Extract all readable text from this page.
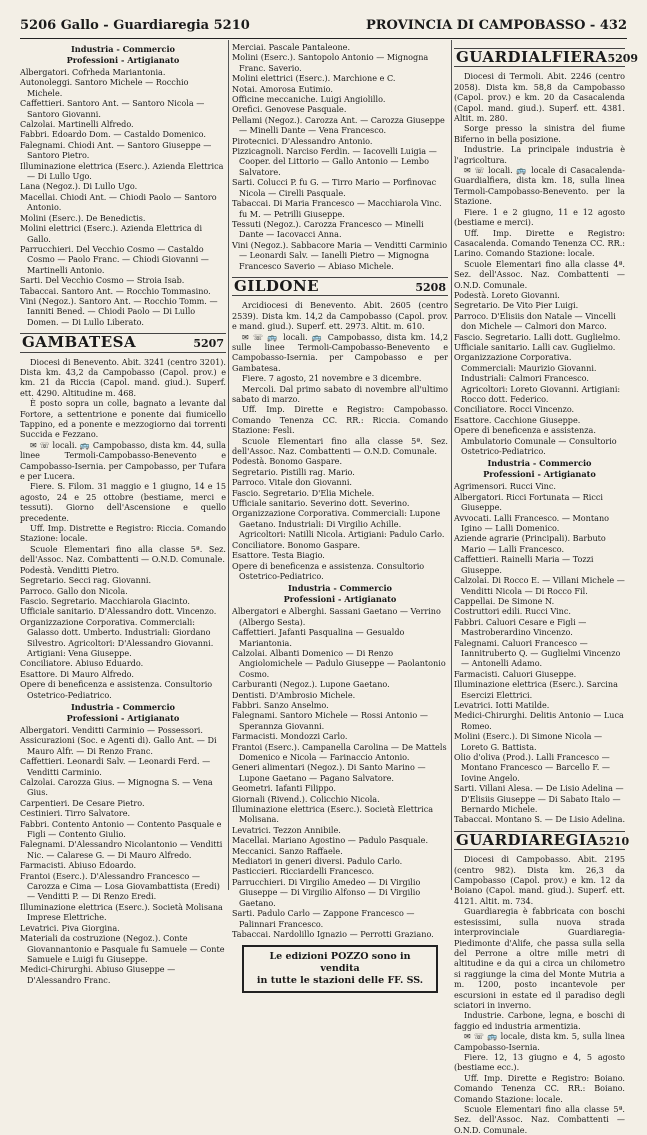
5206 Gallo - Guardiaregia 5210	PROVINCIA DI CAMPOBASSO - 432
Industria - Commercio
Professioni - Artigianato

Albergatori. Cofrheda Mariantonia.

Autonoleggi. Santoro Michele — Rocchio Michele.

Caffettieri. Santoro Ant. — Santoro Nicola — Santoro Giovanni.

Calzolai. Martinelli Alfredo.

Fabbri. Edoardo Dom. — Castaldo Domenico.

Falegnami. Chiodi Ant. — Santoro Giuseppe — Santoro Pietro.

Illuminazione elettrica (Eserc.). Azienda Elettrica — Di Lullo Ugo.

Lana (Negoz.). Di Lullo Ugo.

Macellai. Chiodi Ant. — Chiodi Paolo — Santoro Antonio.

Molini (Eserc.). De Benedictis.

Molini elettrici (Eserc.). Azienda Elettrica di Gallo.

Parrucchieri. Del Vecchio Cosmo — Castaldo Cosmo — Paolo Franc. — Chiodi Giovanni — Martinelli Antonio.

Sarti. Del Vecchio Cosmo — Stroia Isab.

Tabaccai. Santoro Ant. — Rocchio Tommasino.

Vini (Negoz.). Santoro Ant. — Rocchio Tomm. — Ianniti Bened. — Chiodi Paolo — Di Lullo Domen. — Di Lullo Liberato.

GAMBATESA	5207

Diocesi di Benevento. Abit. 3241 (centro 3201). Dista km. 43,2 da Campobasso (Capol. prov.) e km. 21 da Riccia (Capol. mand. giud.). Superf. ett. 4290. Altitudine m. 468.

È posto sopra un colle, bagnato a levante dal Fortore, a settentrione e ponente dai fiumicello Tappino, ed a ponente e mezzogiorno dai torrenti Succida e Fezzano.

✉ ☏ locali. 🚌 Campobasso, dista km. 44, sulla linee Termoli-Campobasso-Benevento e Campobasso-Isernia. per Campobasso, per Tufara e per Lucera.

Fiere. S. Filom. 31 maggio e 1 giugno, 14 e 15 agosto, 24 e 25 ottobre (bestiame, merci e tessuti). Giorno dell'Ascensione e quello precedente.

Uff. Imp. Distrette e Registro: Riccia. Comando Stazione: locale.

Scuole Elementari fino alla classe 5ª. Sez. dell'Assoc. Naz. Combattenti — O.N.D. Comunale.

Podestà. Venditti Pietro.

Segretario. Secci rag. Giovanni.

Parroco. Gallo don Nicola.

Fascio. Segretario. Macchiarola Giacinto.

Ufficiale sanitario. D'Alessandro dott. Vincenzo.

Organizzazione Corporativa. Commerciali: Galasso dott. Umberto. Industriali: Giordano Silvestro. Agricoltori: D'Alessandro Giovanni. Artigiani: Vena Giuseppe.

Conciliatore. Abiuso Eduardo.

Esattore. Di Mauro Alfredo.

Opere di beneficenza e assistenza. Consultorio Ostetrico-Pediatrico.

Industria - Commercio
Professioni - Artigianato

Albergatori. Venditti Carminio — Possessori.

Assicurazioni (Soc. e Agenti di). Gallo Ant. — Di Mauro Alfr. — Di Renzo Franc.

Caffettieri. Leonardi Salv. — Leonardi Ferd. — Venditti Carminio.

Calzolai. Carozza Gius. — Mignogna S. — Vena Gius.

Carpentieri. De Cesare Pietro.

Cestinieri. Tirro Salvatore.

Fabbri. Contento Antonio — Contento Pasquale e Figli — Contento Giulio.

Falegnami. D'Alessandro Nicolantonio — Venditti Nic. — Calarese G. — Di Mauro Alfredo.

Farmacisti. Abiuso Edoardo.

Frantoi (Eserc.). D'Alessandro Francesco — Carozza e Cima — Losa Giovambattista (Eredi) — Venditti P. — Di Renzo Eredi.

Illuminazione elettrica (Eserc.). Società Molisana Imprese Elettriche.

Levatrici. Piva Giorgina.

Materiali da costruzione (Negoz.). Conte Giovannantonio e Pasquale fu Samuele — Conte Samuele e Luigi fu Giuseppe.

Medici-Chirurghi. Abiuso Giuseppe — D'Alessandro Franc.

Merciai. Pascale Pantaleone.

Molini (Eserc.). Santopolo Antonio — Mignogna Franc. Saverio.

Molini elettrici (Eserc.). Marchione e C.

Notai. Amorosa Eutimio.

Officine meccaniche. Luigi Angiolillo.

Orefici. Genovese Pasquale.

Pellami (Negoz.). Carozza Ant. — Carozza Giuseppe — Minelli Dante — Vena Francesco.

Pirotecnici. D'Alessandro Antonio.

Pizzicagnoli. Narciso Ferdin. — Iacovelli Luigia — Cooper. del Littorio — Gallo Antonio — Lembo Salvatore.

Sarti. Colucci P. fu G. — Tirro Mario — Porfinovac Nicola — Cirelli Pasquale.

Tabaccai. Di Maria Francesco — Macchiarola Vinc. fu M. — Petrilli Giuseppe.

Tessuti (Negoz.). Carozza Francesco — Minelli Dante — Iacovacci Anna.

Vini (Negoz.). Sabbacore Maria — Venditti Carminio — Leonardi Salv. — Ianelli Pietro — Mignogna Francesco Saverio — Abiaso Michele.

GILDONE	5208

Arcidiocesi di Benevento. Abit. 2605 (centro 2539). Dista km. 14,2 da Campobasso (Capol. prov. e mand. giud.). Superf. ett. 2973. Altit. m. 610.

✉ ☏ 🚌 locali. 🚌 Campobasso, dista km. 14,2 sulle linee Termoli-Campobasso-Benevento e Campobasso-Isernia. per Campobasso e per Gambatesa.

Fiere. 7 agosto, 21 novembre e 3 dicembre.

Mercoli. Dal primo sabato di novembre all'ultimo sabato di marzo.

Uff. Imp. Dirette e Registro: Campobasso. Comando Tenenza CC. RR.: Riccia. Comando Stazione: Fesli.

Scuole Elementari fino alla classe 5ª. Sez. dell'Assoc. Naz. Combattenti — O.N.D. Comunale.

Podestà. Bonomo Gaspare.

Segretario. Pistilli rag. Mario.

Parroco. Vitale don Giovanni.

Fascio. Segretario. D'Elia Michele.

Ufficiale sanitario. Severino dott. Severino.

Organizzazione Corporativa. Commerciali: Lupone Gaetano. Industriali: Di Virgilio Achille. Agricoltori: Natilli Nicola. Artigiani: Padulo Carlo.

Conciliatore. Bonomo Gaspare.

Esattore. Testa Biagio.

Opere di beneficenza e assistenza. Consultorio Ostetrico-Pediatrico.

Industria - Commercio
Professioni - Artigianato

Albergatori e Alberghi. Sassani Gaetano — Verrino (Albergo Sesta).

Caffettieri. Jafanti Pasqualina — Gesualdo Mariantonia.

Calzolai. Albanti Domenico — Di Renzo Angiolomichele — Padulo Giuseppe — Paolantonio Cosmo.

Carburanti (Negoz.). Lupone Gaetano.

Dentisti. D'Ambrosio Michele.

Fabbri. Sanzo Anselmo.

Falegnami. Santoro Michele — Rossi Antonio — Sperannza Giovanni.

Farmacisti. Mondozzi Carlo.

Frantoi (Eserc.). Campanella Carolina — De Mattels Domenico e Nicola — Farinaccio Antonio.

Generi alimentari (Negoz.). Di Santo Marino — Lupone Gaetano — Pagano Salvatore.

Geometri. Iafanti Filippo.

Giornali (Rivend.). Colicchio Nicola.

Illuminazione elettrica (Eserc.). Società Elettrica Molisana.

Levatrici. Tezzon Annibile.

Macellai. Mariano Agostino — Padulo Pasquale.

Meccanici. Sanzo Raffaele.

Mediatori in generi diversi. Padulo Carlo.

Pasticcieri. Ricciardelli Francesco.

Parrucchieri. Di Virgilio Amedeo — Di Virgilio Giuseppe — Di Virgilio Alfonso — Di Virgilio Gaetano.

Sarti. Padulo Carlo — Zappone Francesco — Palinnari Francesco.

Tabaccai. Nardolillo Ignazio — Perrotti Graziano.

Le edizioni POZZO sono in vendita
in tutte le stazioni delle FF. SS.
GUARDIALFIERA 5209

Diocesi di Termoli. Abit. 2246 (centro 2058). Dista km. 58,8 da Campobasso (Capol. prov.) e km. 20 da Casacalenda (Capol. mand. giud.). Superf. ett. 4381. Altit. m. 280.

Sorge presso la sinistra del fiume Biferno in bella posizione.

Industrie. La principale industria è l'agricoltura.

✉ ☏ locali. 🚌 locale di Casacalenda-Guardialfiera, dista km. 18, sulla linea Termoli-Campobasso-Benevento. per la Stazione.

Fiere. 1 e 2 giugno, 11 e 12 agosto (bestiame e merci).

Uff. Imp. Dirette e Registro: Casacalenda. Comando Tenenza CC. RR.: Larino. Comando Stazione: locale.

Scuole Elementari fino alla classe 4ª. Sez. dell'Assoc. Naz. Combattenti — O.N.D. Comunale.

Podestà. Loreto Giovanni.

Segretario. De Vito Pier Luigi.

Parroco. D'Elisiis don Natale — Vincelli don Michele — Calmori don Marco.

Fascio. Segretario. Lalli dott. Guglielmo.

Ufficiale sanitario. Lalli cav. Guglielmo.

Organizzazione Corporativa. Commerciali: Maurizio Giovanni. Industriali: Calmori Francesco. Agricoltori: Loreto Giovanni. Artigiani: Rocco dott. Federico.

Conciliatore. Rocci Vincenzo.

Esattore. Cacchione Giuseppe.

Opere di beneficenza e assistenza. Ambulatorio Comunale — Consultorio Ostetrico-Pediatrico.

Industria - Commercio
Professioni - Artigianato

Agrimensori. Rucci Vinc.

Albergatori. Ricci Fortunata — Ricci Giuseppe.

Avvocati. Lalli Francesco. — Montano Igino — Lalli Domenico.

Aziende agrarie (Principali). Barbuto Mario — Lalli Francesco.

Caffettieri. Rainelli Maria — Tozzi Giuseppe.

Calzolai. Di Rocco E. — Villani Michele — Venditti Nicola — Di Rocco Fil.

Cappellai. De Simone N.

Costruttori edili. Rucci Vinc.

Fabbri. Caluori Cesare e Figli — Mastroberardino Vincenzo.

Falegnami. Caluori Francesco — Iannitruberto Q. — Guglielmi Vincenzo — Antonelli Adamo.

Farmacisti. Caluori Giuseppe.

Illuminazione elettrica (Eserc.). Sarcina Esercizi Elettrici.

Levatrici. Iotti Matilde.

Medici-Chirurghi. Delitis Antonio — Luca Romeo.

Molini (Eserc.). Di Simone Nicola — Loreto G. Battista.

Olio d'oliva (Prod.). Lalli Francesco — Montano Francesco — Barcello F. — Iovine Angelo.

Sarti. Villani Alesa. — De Lisio Adelina — D'Elisiis Giuseppe — Di Sabato Italo — Bernardo Michele.

Tabaccai. Montano S. — De Lisio Adelina.

GUARDIAREGIA 5210

Diocesi di Campobasso. Abit. 2195 (centro 982). Dista km. 26,3 da Campobasso (Capol. prov.) e km. 12 da Boiano (Capol. mand. giud.). Superf. ett. 4121. Altit. m. 734.

Guardiaregia è fabbricata con boschi estesissimi, sulla nuova strada interprovinciale Guardiaregia-Piedimonte d'Alife, che passa sulla sella del Perrone a oltre mille metri di altitudine e da qui a circa un chilometro si raggiunge la cima del Monte Mutria a m. 1200, posto incantevole per escursioni in estate ed il paradiso degli sciatori in inverno.

Industrie. Carbone, legna, e boschi di faggio ed industria armentizia.

✉ ☏ 🚌 locale, dista km. 5, sulla linea Campobasso-Isernia.

Fiere. 12, 13 giugno e 4, 5 agosto (bestiame ecc.).

Uff. Imp. Dirette e Registro: Boiano. Comando Tenenza CC. RR.: Boiano. Comando Stazione: locale.

Scuole Elementari fino alla classe 5ª. Sez. dell'Assoc. Naz. Combattenti — O.N.D. Comunale.
